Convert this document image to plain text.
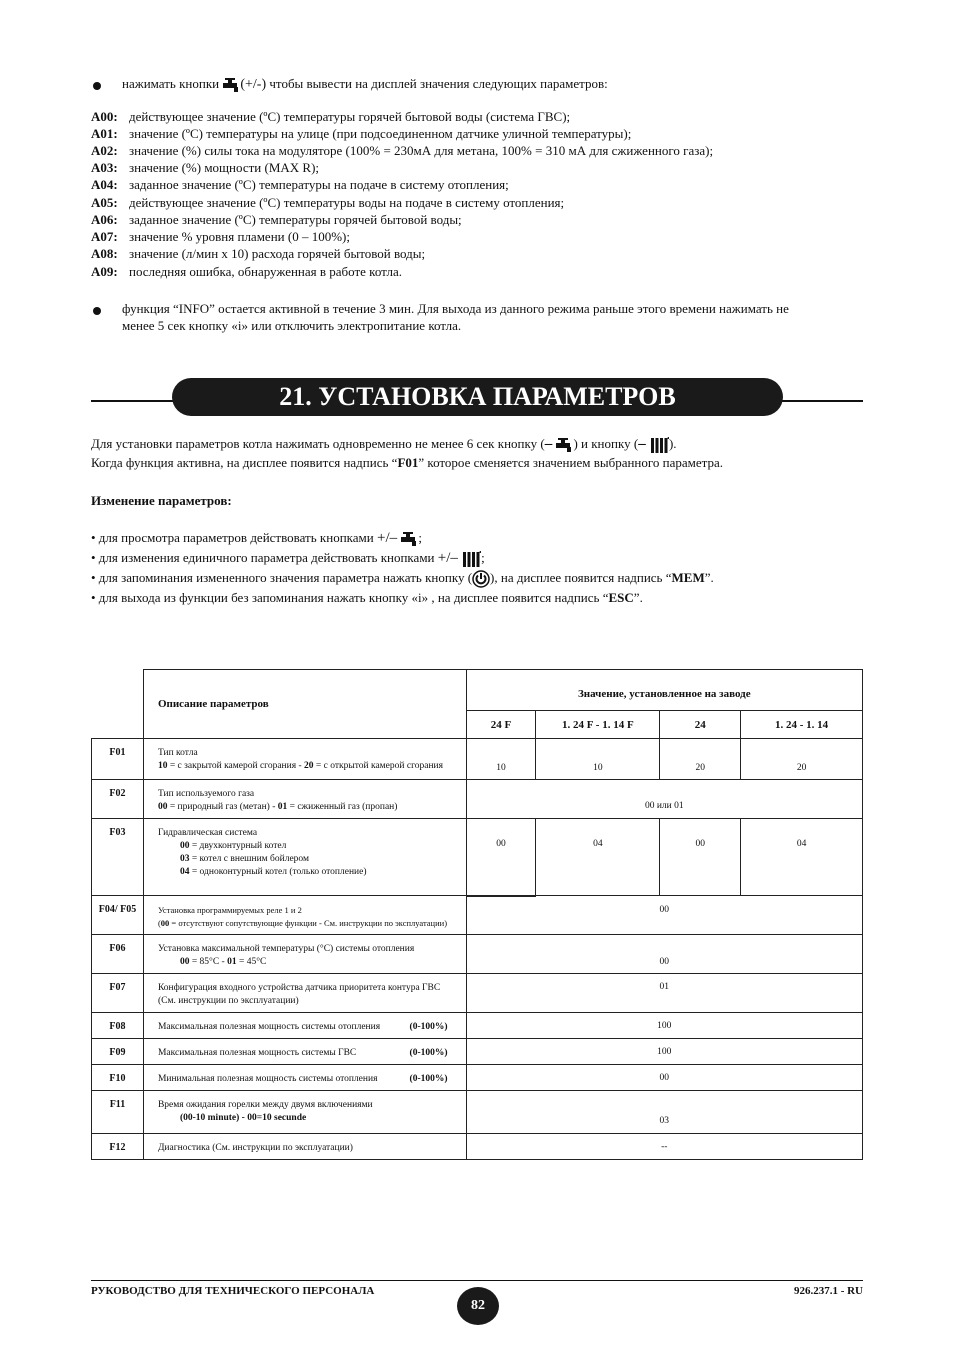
нажимать кнопки (+/-) чтобы вывести на дисплей значения следующих параметров:
A00: действующее значение (ºC) температуры горячей бытовой воды (система ГВС);
A01: значение (ºC) температуры на улице (при подсоединенном датчике уличной температуры);
A02: значение (%) силы тока на модуляторе (100% = 230мА для метана, 100% = 310 мА для сжиженного газа);
A03: значение (%) мощности (MAX R);
A04: заданное значение (ºC) температуры на подаче в систему отопления;
A05: действующее значение (ºC) температуры воды на подаче в систему отопления;
A06: заданное значение (ºC) температуры горячей бытовой воды;
A07: значение % уровня пламени (0 – 100%);
A08: значение (л/мин x 10) расхода горячей бытовой воды;
A09: последняя ошибка, обнаруженная в работе котла.
функция “INFO” остается активной в течение 3 мин. Для выхода из данного режима раньше этого времени нажимать не
менее 5 сек кнопку «i» или отключить электропитание котла.
21. УСТАНОВКА ПАРАМЕТРОВ
Для установки параметров котла нажимать одновременно не менее 6 сек кнопку (– ) и кнопку (– ).
Когда функция активна, на дисплее появится надпись “F01” которое сменяется значением выбранного параметра.
Изменение параметров:
• для просмотра параметров действовать кнопками +/– ;
• для изменения единичного параметра действовать кнопками +/– ;
• для запоминания измененного значения параметра нажать кнопку ( ), на дисплее появится надпись “MEM”.
• для выхода из функции без запоминания нажать кнопку «i» , на дисплее появится надпись “ESC”.
	Описание параметров	Значение, установленное на заводе			
		24 F	1. 24 F - 1. 14 F	24	1. 24 - 1. 14
F01	Тип котла
10 = с закрытой камерой сгорания - 20 = с открытой камерой сгорания	10	10	20	20
F02	Тип используемого газа
00 = природный газ (метан) - 01 = сжиженный газ (пропан)	00 или 01			
F03	Гидравлическая система
00 = двухконтурный котел
03 = котел с внешним бойлером
04 = одноконтурный котел (только отопление)	00	04	00	04
F04/ F05	Установка программируемых реле 1 и 2
(00 = отсутствуют сопутствующие функции - См. инструкции по эксплуатации)	00			
F06	Установка максимальной температуры (°C) системы отопления
00 = 85°C - 01 = 45°C	00			
F07	Конфигурация входного устройства датчика приоритета контура ГВС
(См. инструкции по эксплуатации)	01			
F08	Максимальная полезная мощность системы отопления (0-100%)	100			
F09	Максимальная полезная мощность системы ГВС (0-100%)	100			
F10	Минимальная полезная мощность системы отопления (0-100%)	00			
F11	Время ожидания горелки между двумя включениями
(00-10 minute) - 00=10 secunde	03			
F12	Диагностика (См. инструкции по эксплуатации)	--			
РУКОВОДСТВО ДЛЯ ТЕХНИЧЕСКОГО ПЕРСОНАЛА
82
926.237.1 - RU
